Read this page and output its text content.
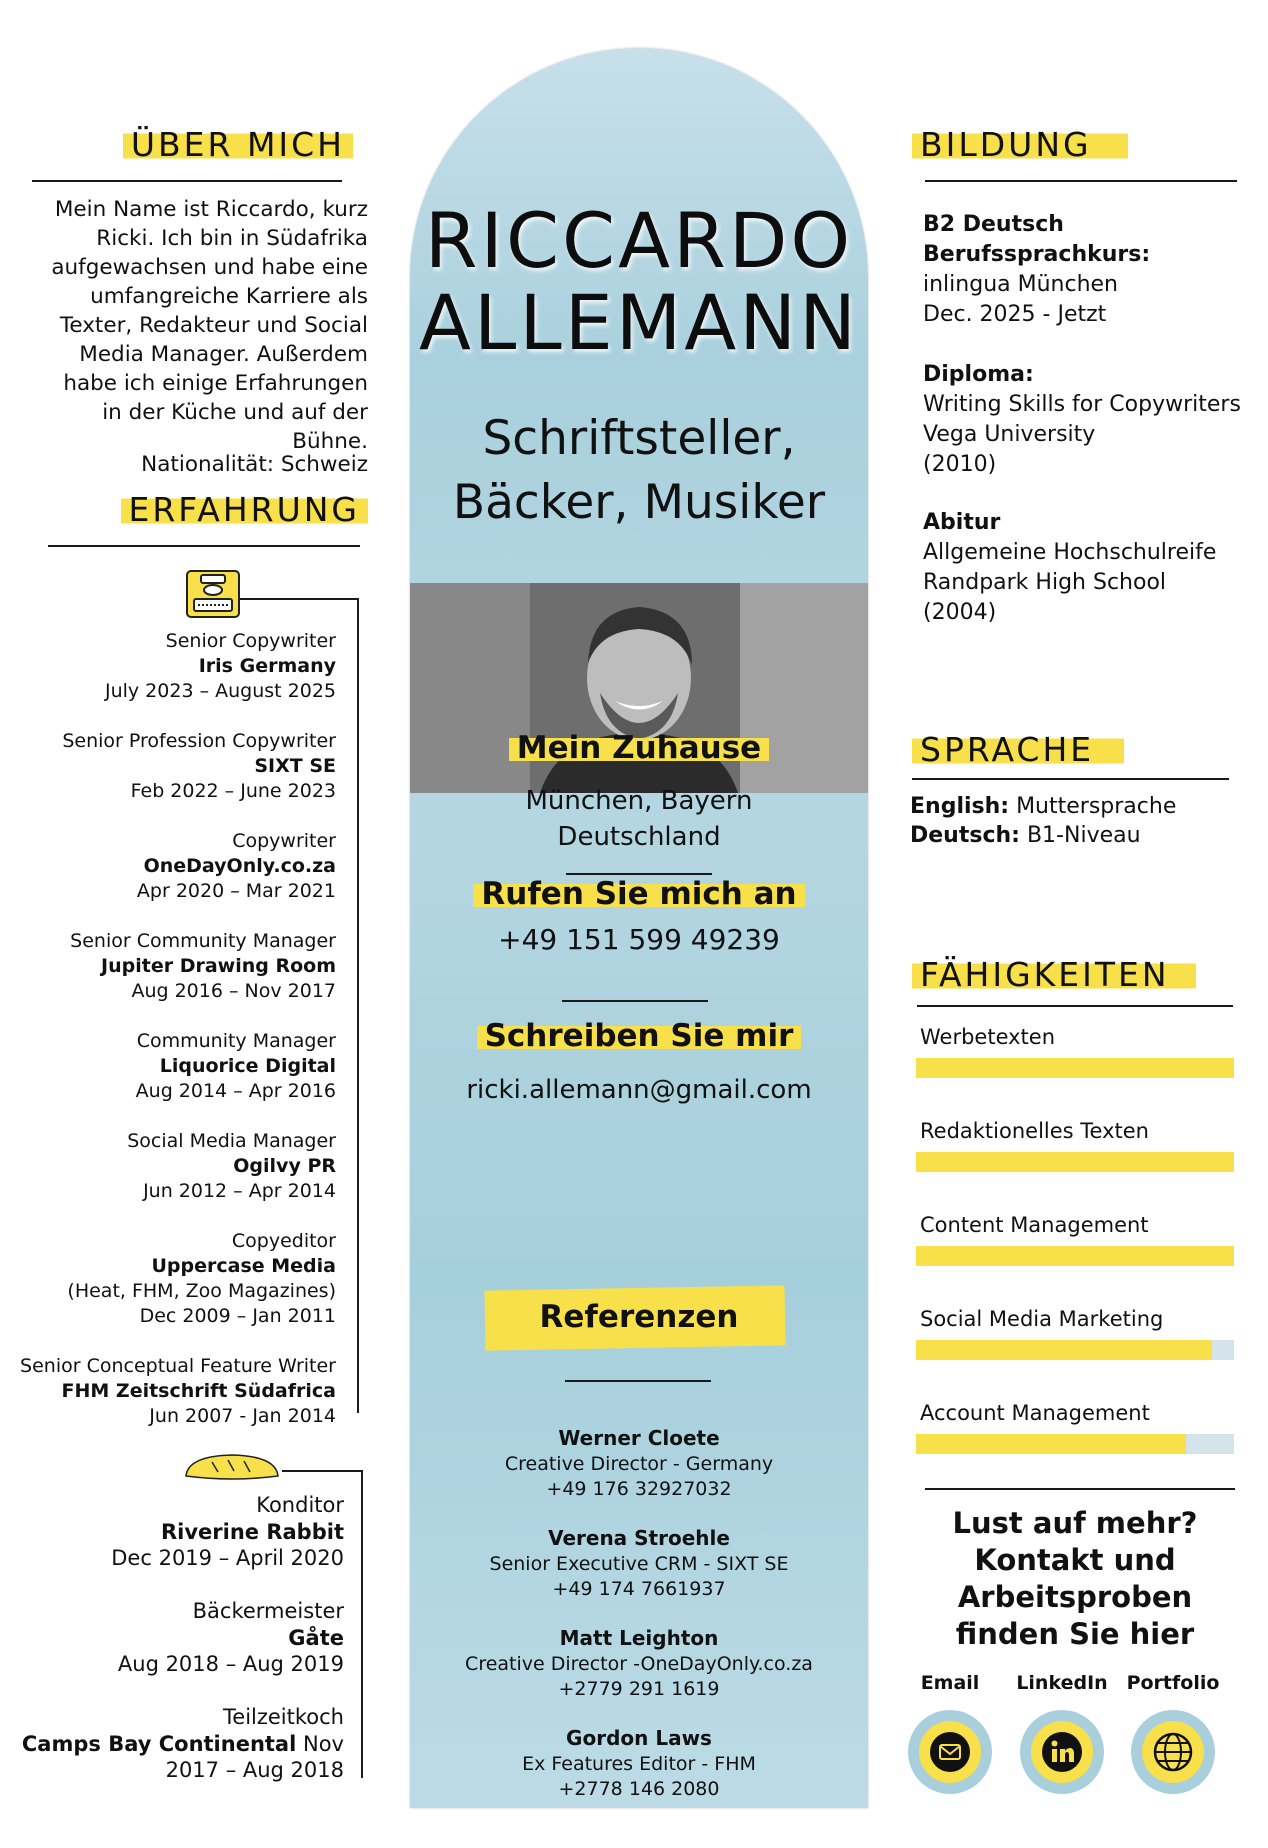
ÜBER MICH
Mein Name ist Riccardo, kurz Ricki. Ich bin in Südafrika aufgewachsen und habe eine umfangreiche Karriere als Texter, Redakteur und Social Media Manager. Außerdem habe ich einige Erfahrungen in der Küche und auf der Bühne.
Nationalität: Schweiz
ERFAHRUNG
Senior Copywriter
Iris Germany
July 2023 – August 2025
Senior Profession Copywriter
SIXT SE
Feb 2022 – June 2023
Copywriter
OneDayOnly.co.za
Apr 2020 – Mar 2021
Senior Community Manager
Jupiter Drawing Room
Aug 2016 – Nov 2017
Community Manager
Liquorice Digital
Aug 2014 – Apr 2016
Social Media Manager
Ogilvy PR
Jun 2012 – Apr 2014
Copyeditor
Uppercase Media
(Heat, FHM, Zoo Magazines)
Dec 2009 – Jan 2011
Senior Conceptual Feature Writer
FHM Zeitschrift Südafrica
Jun 2007 - Jan 2014
Konditor
Riverine Rabbit
Dec 2019 – April 2020
Bäckermeister
Gåte
Aug 2018 – Aug 2019
Teilzeitkoch
Camps Bay Continental Nov
2017 – Aug 2018
RICCARDO
ALLEMANN
Schriftsteller,
Bäcker, Musiker
Mein Zuhause
München, Bayern
Deutschland
Rufen Sie mich an
+49 151 599 49239
Schreiben Sie mir
ricki.allemann@gmail.com
Referenzen
Werner Cloete
Creative Director - Germany
+49 176 32927032
Verena Stroehle
Senior Executive CRM - SIXT SE
+49 174 7661937
Matt Leighton
Creative Director -OneDayOnly.co.za
+2779 291 1619
Gordon Laws
Ex Features Editor - FHM
+2778 146 2080
BILDUNG
B2 Deutsch
Berufssprachkurs:
inlingua München
Dec. 2025 - Jetzt
Diploma:
Writing Skills for Copywriters
Vega University
(2010)
Abitur
Allgemeine Hochschulreife
Randpark High School
(2004)
SPRACHE
English: Muttersprache
Deutsch: B1-Niveau
FÄHIGKEITEN
Werbetexten
Redaktionelles Texten
Content Management
Social Media Marketing
Account Management
Lust auf mehr?
Kontakt und
Arbeitsproben
finden Sie hier
Email	LinkedIn Portfolio
